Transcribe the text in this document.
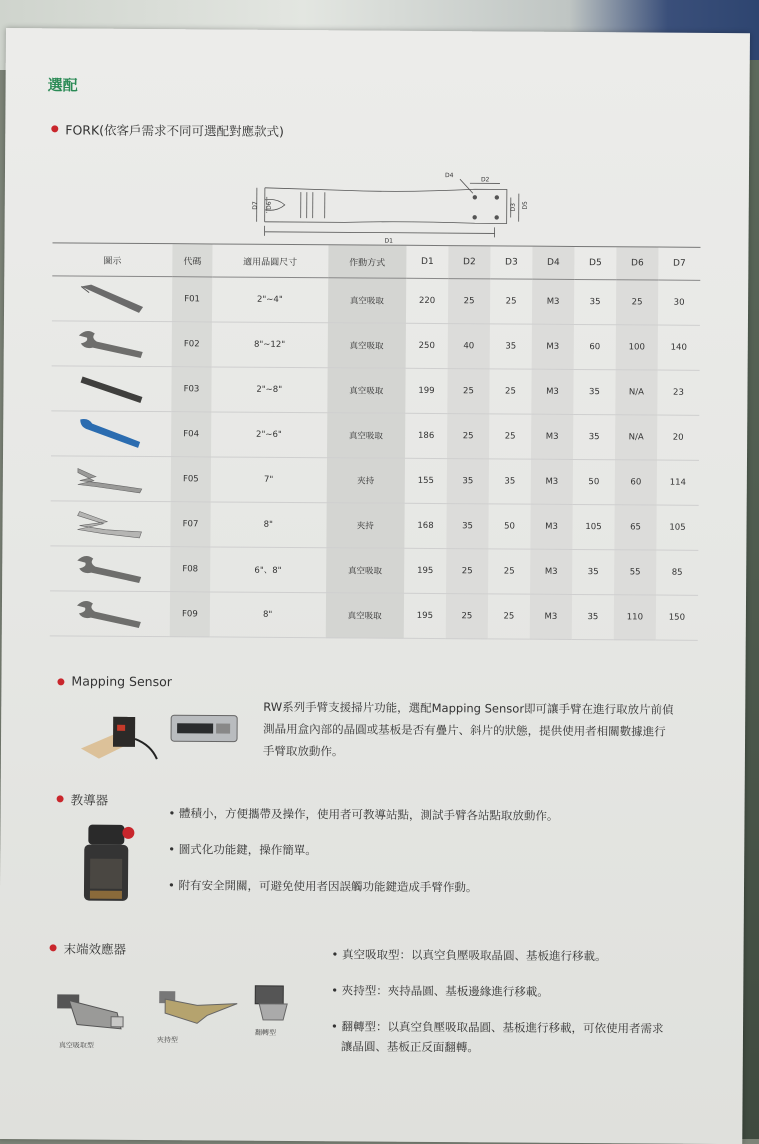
選配
FORK(依客戶需求不同可選配對應款式)
D1
D2
D3
D4
D5
D6
D7
圖示	代碼	適用晶圓尺寸	作動方式	D1	D2	D3	D4	D5	D6	D7
	F01	2"~4"	真空吸取	220	25	25	M3	35	25	30
	F02	8"~12"	真空吸取	250	40	35	M3	60	100	140
	F03	2"~8"	真空吸取	199	25	25	M3	35	N/A	23
	F04	2"~6"	真空吸取	186	25	25	M3	35	N/A	20
	F05	7"	夾持	155	35	35	M3	50	60	114
	F07	8"	夾持	168	35	50	M3	105	65	105
	F08	6"、8"	真空吸取	195	25	25	M3	35	55	85
	F09	8"	真空吸取	195	25	25	M3	35	110	150
Mapping Sensor
RW系列手臂支援掃片功能，選配Mapping Sensor即可讓手臂在進行取放片前偵
測晶用盒內部的晶圓或基板是否有疊片、斜片的狀態，提供使用者相關數據進行
手臂取放動作。
教導器
• 體積小，方便攜帶及操作，使用者可教導站點，測試手臂各站點取放動作。
• 圖式化功能鍵，操作簡單。
• 附有安全開關，可避免使用者因誤觸功能鍵造成手臂作動。
末端效應器
真空吸取型
夾持型
翻轉型
• 真空吸取型：以真空負壓吸取晶圓、基板進行移載。
• 夾持型：夾持晶圓、基板邊緣進行移載。
• 翻轉型：以真空負壓吸取晶圓、基板進行移載，可依使用者需求
讓晶圓、基板正反面翻轉。
